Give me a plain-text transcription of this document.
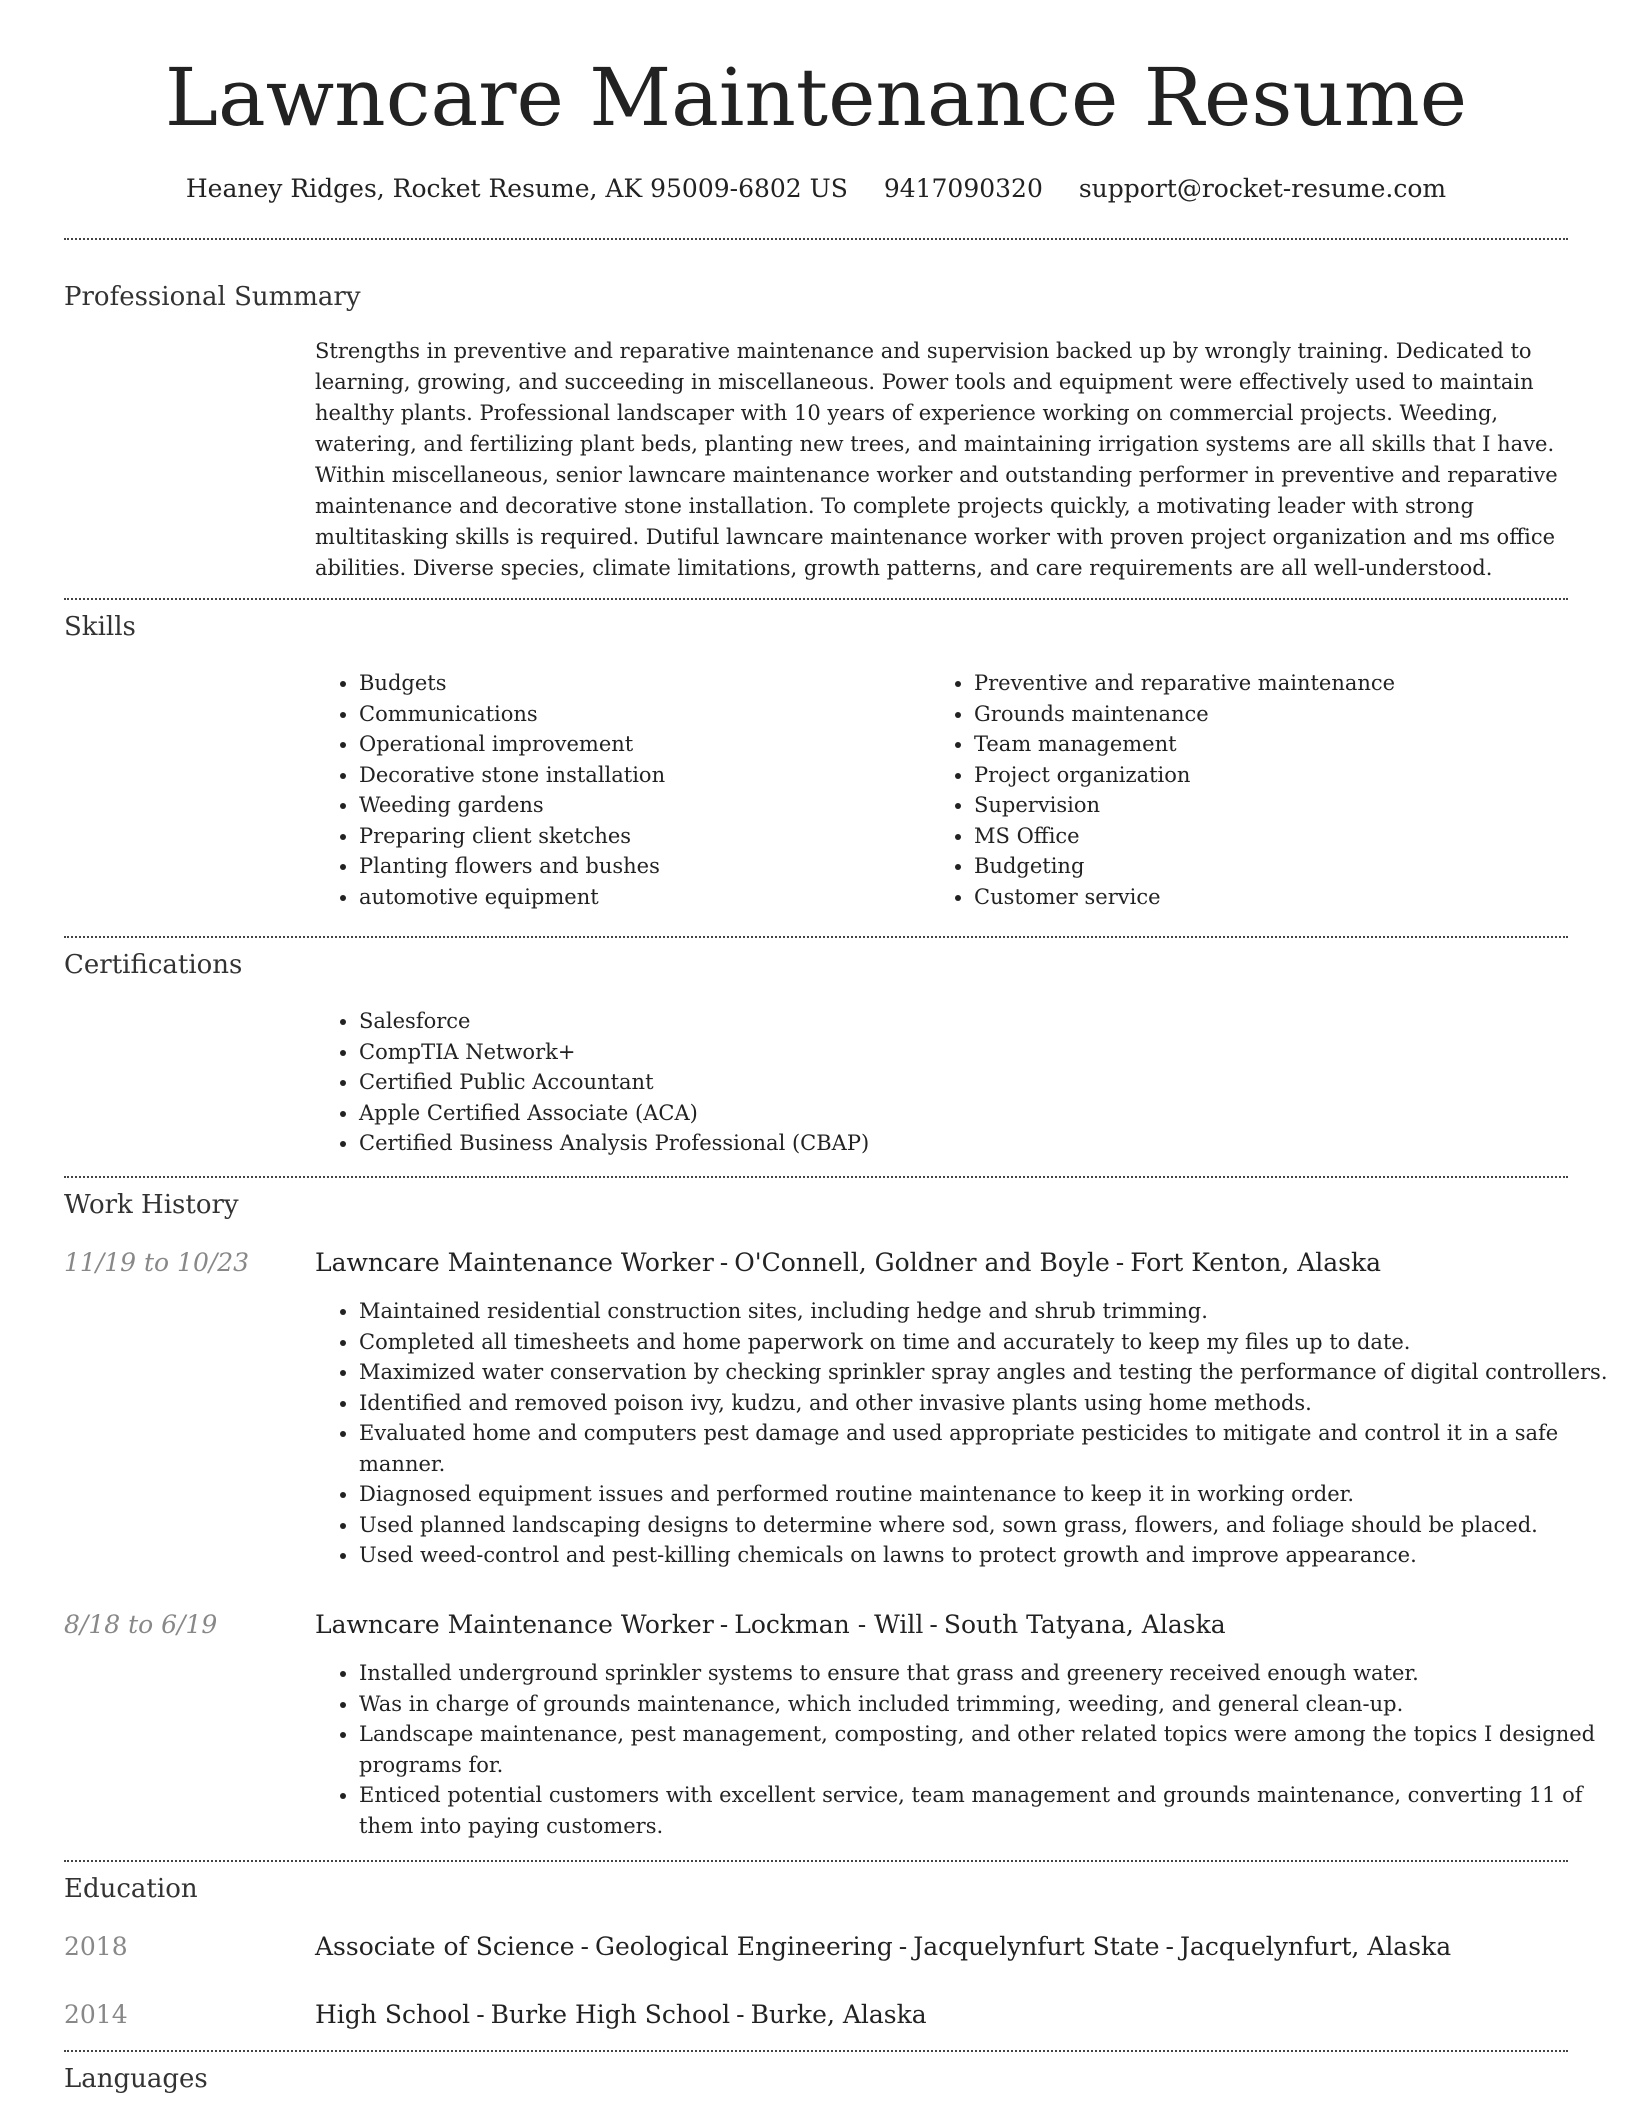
Lawncare Maintenance Resume
Heaney Ridges, Rocket Resume, AK 95009-6802 US 9417090320 support@rocket-resume.com
Professional Summary
Strengths in preventive and reparative maintenance and supervision backed up by wrongly training. Dedicated to learning, growing, and succeeding in miscellaneous. Power tools and equipment were effectively used to maintain healthy plants. Professional landscaper with 10 years of experience working on commercial projects. Weeding, watering, and fertilizing plant beds, planting new trees, and maintaining irrigation systems are all skills that I have. Within miscellaneous, senior lawncare maintenance worker and outstanding performer in preventive and reparative maintenance and decorative stone installation. To complete projects quickly, a motivating leader with strong multitasking skills is required. Dutiful lawncare maintenance worker with proven project organization and ms office abilities. Diverse species, climate limitations, growth patterns, and care requirements are all well-understood.
Skills
• Budgets
• Communications
• Operational improvement
• Decorative stone installation
• Weeding gardens
• Preparing client sketches
• Planting flowers and bushes
• automotive equipment
• Preventive and reparative maintenance
• Grounds maintenance
• Team management
• Project organization
• Supervision
• MS Office
• Budgeting
• Customer service
Certifications
• Salesforce
• CompTIA Network+
• Certified Public Accountant
• Apple Certified Associate (ACA)
• Certified Business Analysis Professional (CBAP)
Work History
11/19 to 10/23	Lawncare Maintenance Worker - O'Connell, Goldner and Boyle - Fort Kenton, Alaska
• Maintained residential construction sites, including hedge and shrub trimming.
• Completed all timesheets and home paperwork on time and accurately to keep my files up to date.
• Maximized water conservation by checking sprinkler spray angles and testing the performance of digital controllers.
• Identified and removed poison ivy, kudzu, and other invasive plants using home methods.
• Evaluated home and computers pest damage and used appropriate pesticides to mitigate and control it in a safe manner.
• Diagnosed equipment issues and performed routine maintenance to keep it in working order.
• Used planned landscaping designs to determine where sod, sown grass, flowers, and foliage should be placed.
• Used weed-control and pest-killing chemicals on lawns to protect growth and improve appearance.
8/18 to 6/19	Lawncare Maintenance Worker - Lockman - Will - South Tatyana, Alaska
• Installed underground sprinkler systems to ensure that grass and greenery received enough water.
• Was in charge of grounds maintenance, which included trimming, weeding, and general clean-up.
• Landscape maintenance, pest management, composting, and other related topics were among the topics I designed programs for.
• Enticed potential customers with excellent service, team management and grounds maintenance, converting 11 of them into paying customers.
Education
2018	Associate of Science - Geological Engineering - Jacquelynfurt State - Jacquelynfurt, Alaska
2014	High School - Burke High School - Burke, Alaska
Languages
